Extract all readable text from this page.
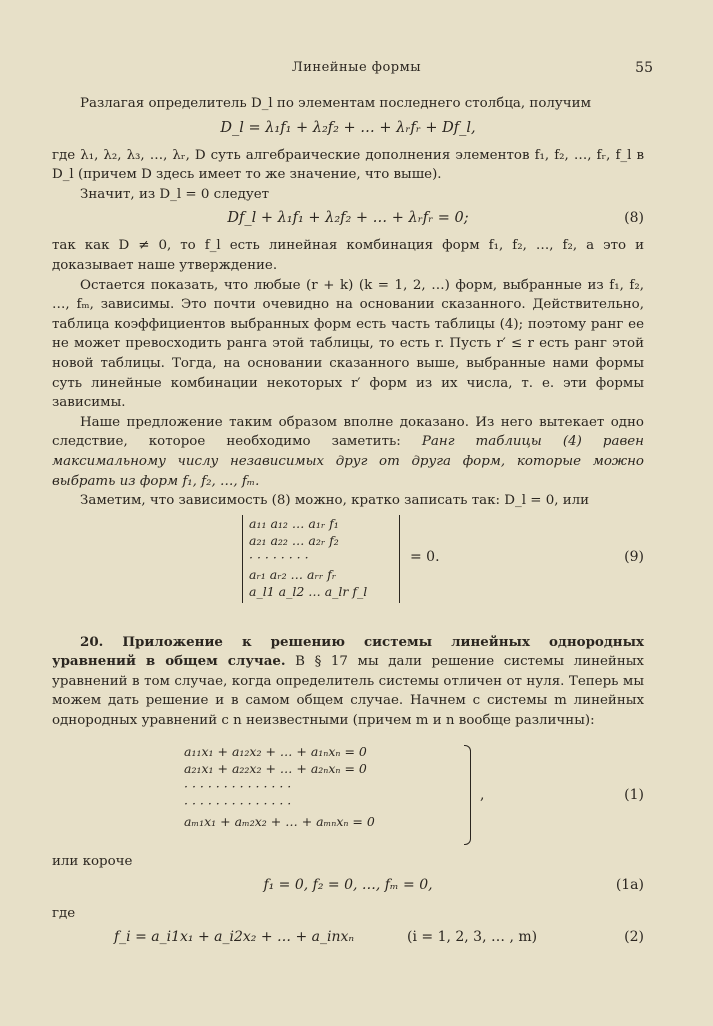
Линейные формы	55

Разлагая определитель D_l по элементам последнего столбца, получим

D_l = λ₁f₁ + λ₂f₂ + … + λᵣfᵣ + Df_l,

где λ₁, λ₂, λ₃, …, λᵣ, D суть алгебраические дополнения элементов f₁, f₂, …, fᵣ, f_l в D_l (причем D здесь имеет то же значение, что выше).

Значит, из D_l = 0 следует

Df_l + λ₁f₁ + λ₂f₂ + … + λᵣfᵣ = 0;	(8)

так как D ≠ 0, то f_l есть линейная комбинация форм f₁, f₂, …, f₂, а это и доказывает наше утверждение.

Остается показать, что любые (r + k) (k = 1, 2, …) форм, выбранные из f₁, f₂, …, fₘ, зависимы. Это почти очевидно на основании сказанного. Действительно, таблица коэффициентов выбранных форм есть часть таблицы (4); поэтому ранг ее не может превосходить ранга этой таблицы, то есть r. Пусть r′ ≤ r есть ранг этой новой таблицы. Тогда, на основании сказанного выше, выбранные нами формы суть линейные комбинации некоторых r′ форм из их числа, т. е. эти формы зависимы.

Наше предложение таким образом вполне доказано. Из него вытекает одно следствие, которое необходимо заметить: Ранг таблицы (4) равен максимальному числу независимых друг от друга форм, которые можно выбрать из форм f₁, f₂, …, fₘ.

Заметим, что зависимость (8) можно, кратко записать так: D_l = 0, или

a₁₁ a₁₂ … a₁ᵣ f₁
a₂₁ a₂₂ … a₂ᵣ f₂
· · · · · · · ·
aᵣ₁ aᵣ₂ … aᵣᵣ fᵣ
a_l1 a_l2 … a_lr f_l
= 0.	(9)

20. Приложение к решению системы линейных однородных уравнений в общем случае. В § 17 мы дали решение системы линейных уравнений в том случае, когда определитель системы отличен от нуля. Теперь мы можем дать решение и в самом общем случае. Начнем с системы m линейных однородных уравнений с n неизвестными (причем m и n вообще различны):

a₁₁x₁ + a₁₂x₂ + … + a₁ₙxₙ = 0
a₂₁x₁ + a₂₂x₂ + … + a₂ₙxₙ = 0
· · · · · · · · · · · · · ·
· · · · · · · · · · · · · ·
aₘ₁x₁ + aₘ₂x₂ + … + aₘₙxₙ = 0
,	(1)
или короче
f₁ = 0, f₂ = 0, …, fₘ = 0,	(1а)
где
f_i = a_i1x₁ + a_i2x₂ + … + a_inxₙ	(i = 1, 2, 3, … , m)	(2)
